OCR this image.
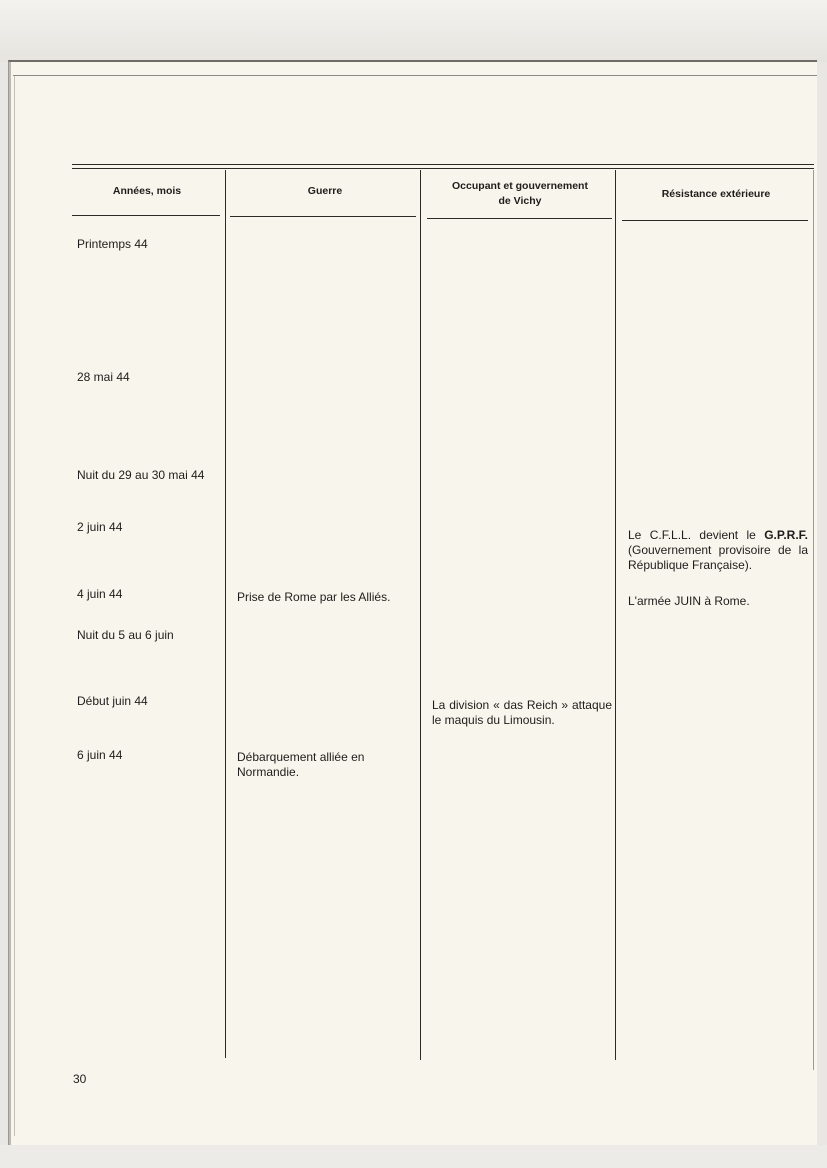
Années, mois	Guerre	Occupant et gouvernement
de Vichy
Résistance extérieure
Printemps 44
28 mai 44
Nuit du 29 au 30 mai 44
2 juin 44
4 juin 44
Nuit du 5 au 6 juin
Début juin 44
6 juin 44
Prise de Rome par les Alliés.
Débarquement alliée en
Normandie.
La division « das Reich » attaque le maquis du Limousin.
Le C.F.L.L. devient le G.P.R.F. (Gouvernement provisoire de la République Française).
L'armée JUIN à Rome.
30
